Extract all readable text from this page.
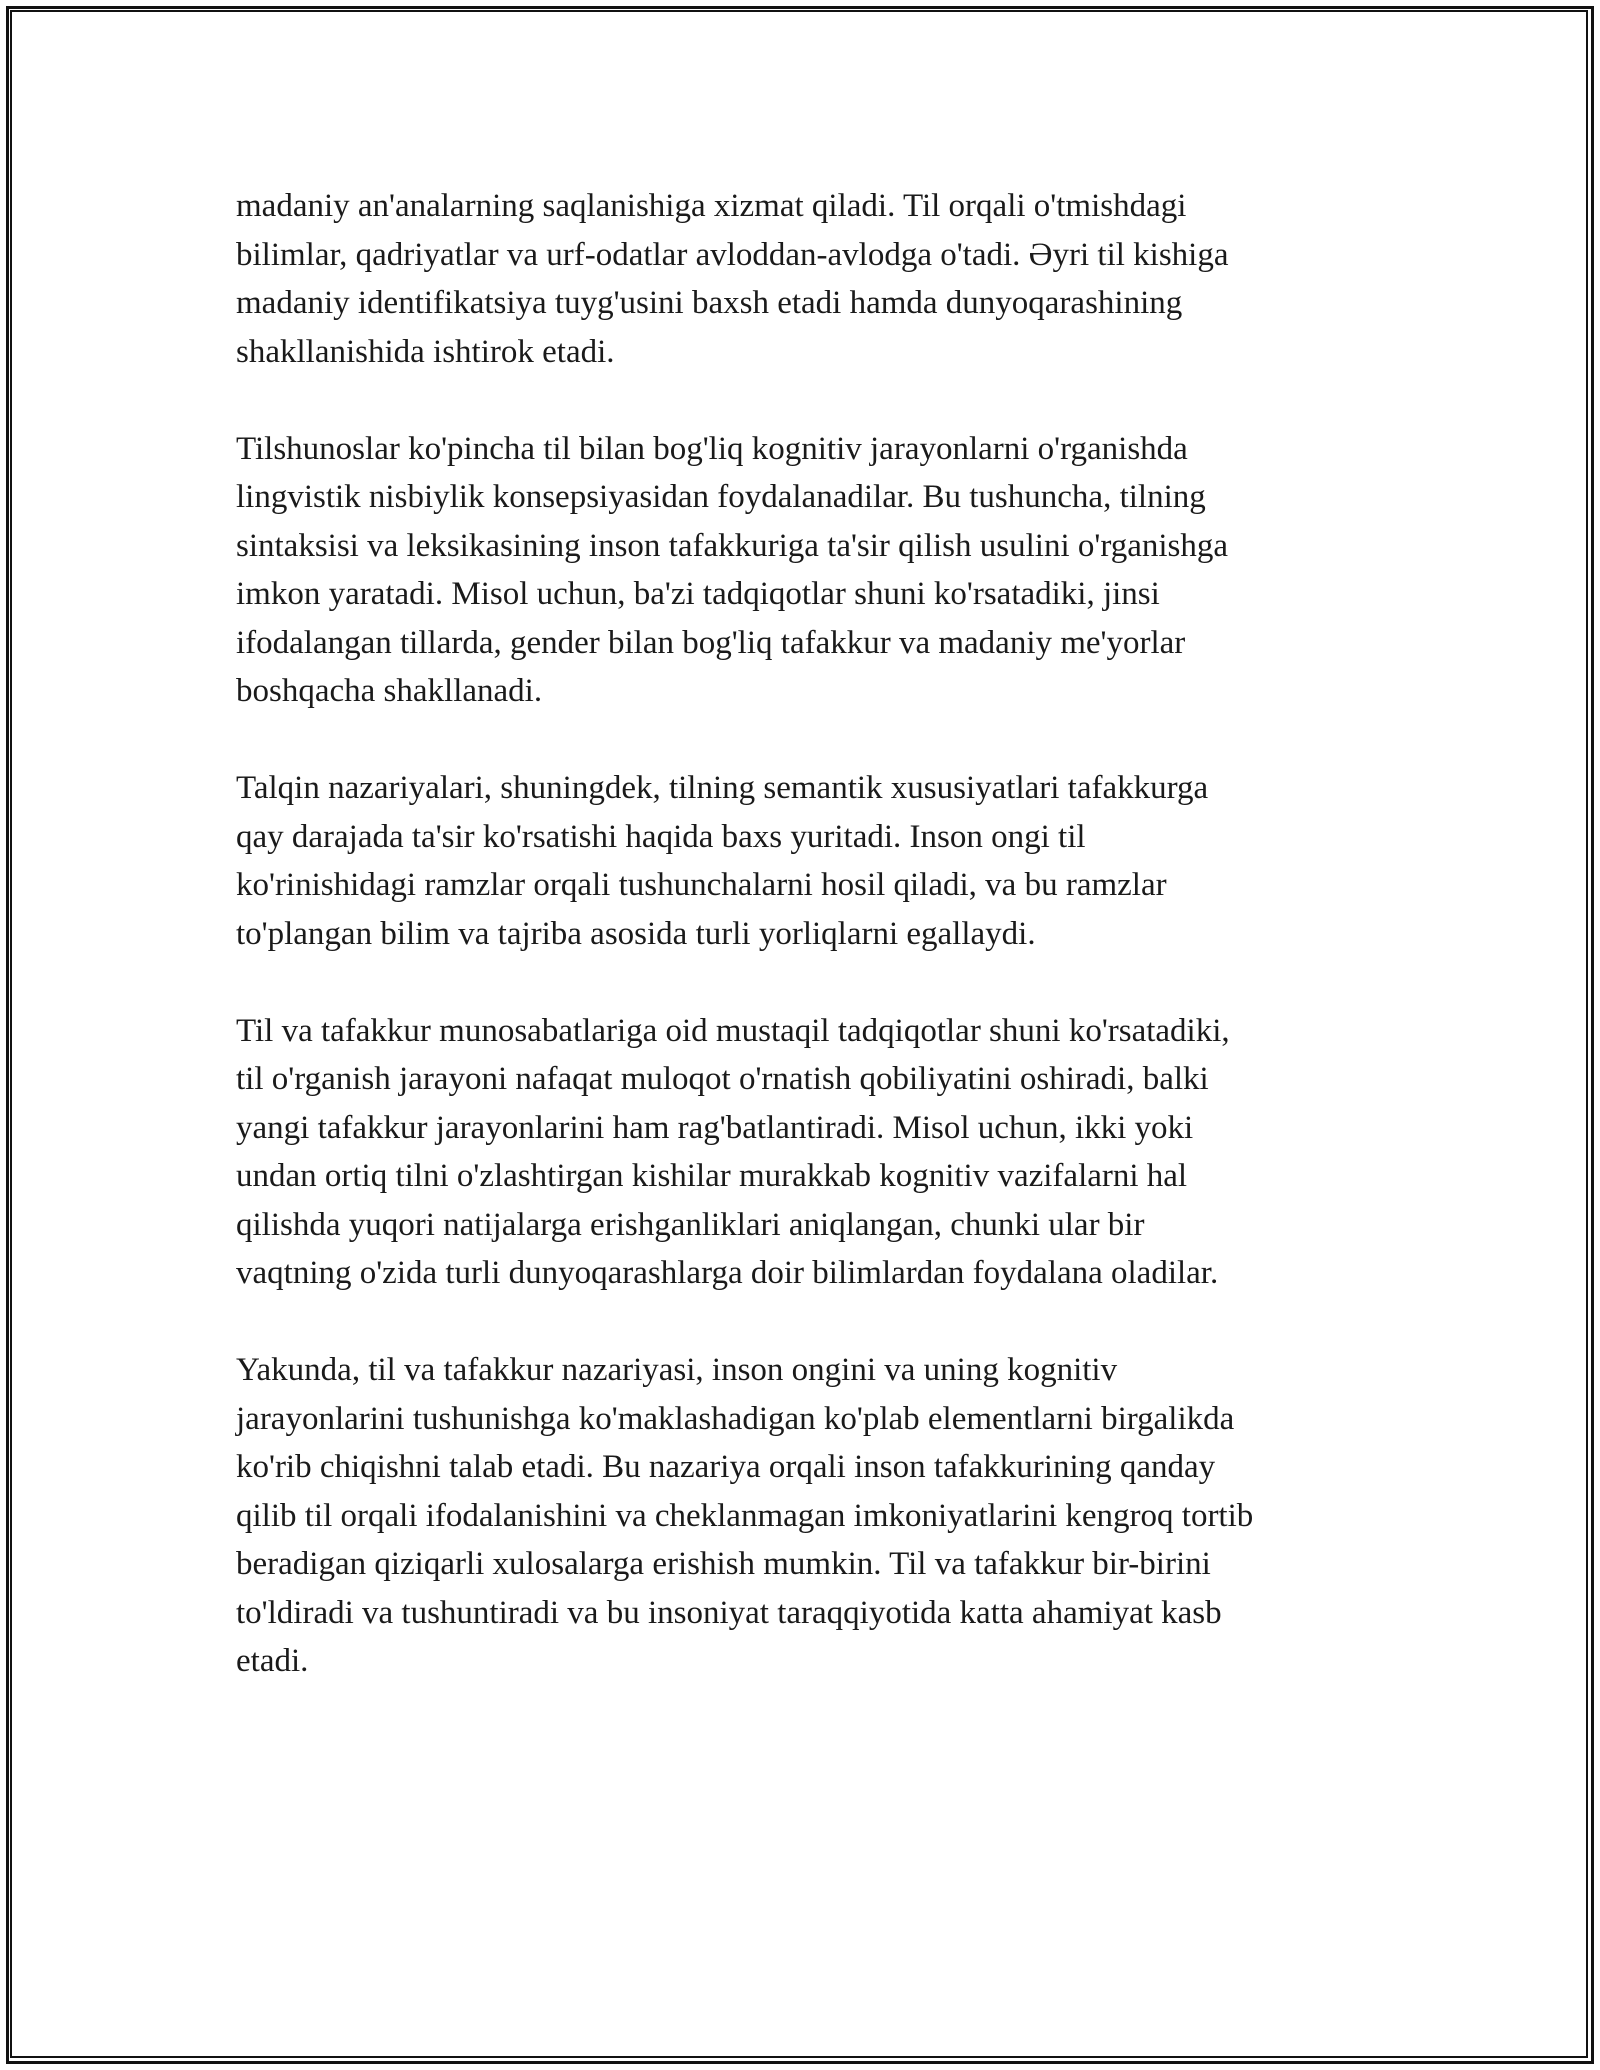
madaniy an'analarning saqlanishiga xizmat qiladi. Til orqali o'tmishdagi
bilimlar, qadriyatlar va urf-odatlar avloddan-avlodga o'tadi. Əyri til kishiga
madaniy identifikatsiya tuyg'usini baxsh etadi hamda dunyoqarashining
shakllanishida ishtirok etadi.

Tilshunoslar ko'pincha til bilan bog'liq kognitiv jarayonlarni o'rganishda
lingvistik nisbiylik konsepsiyasidan foydalanadilar. Bu tushuncha, tilning
sintaksisi va leksikasining inson tafakkuriga ta'sir qilish usulini o'rganishga
imkon yaratadi. Misol uchun, ba'zi tadqiqotlar shuni ko'rsatadiki, jinsi
ifodalangan tillarda, gender bilan bog'liq tafakkur va madaniy me'yorlar
boshqacha shakllanadi.

Talqin nazariyalari, shuningdek, tilning semantik xususiyatlari tafakkurga
qay darajada ta'sir ko'rsatishi haqida baxs yuritadi. Inson ongi til
ko'rinishidagi ramzlar orqali tushunchalarni hosil qiladi, va bu ramzlar
to'plangan bilim va tajriba asosida turli yorliqlarni egallaydi.

Til va tafakkur munosabatlariga oid mustaqil tadqiqotlar shuni ko'rsatadiki,
til o'rganish jarayoni nafaqat muloqot o'rnatish qobiliyatini oshiradi, balki
yangi tafakkur jarayonlarini ham rag'batlantiradi. Misol uchun, ikki yoki
undan ortiq tilni o'zlashtirgan kishilar murakkab kognitiv vazifalarni hal
qilishda yuqori natijalarga erishganliklari aniqlangan, chunki ular bir
vaqtning o'zida turli dunyoqarashlarga doir bilimlardan foydalana oladilar.

Yakunda, til va tafakkur nazariyasi, inson ongini va uning kognitiv
jarayonlarini tushunishga ko'maklashadigan ko'plab elementlarni birgalikda
ko'rib chiqishni talab etadi. Bu nazariya orqali inson tafakkurining qanday
qilib til orqali ifodalanishini va cheklanmagan imkoniyatlarini kengroq tortib
beradigan qiziqarli xulosalarga erishish mumkin. Til va tafakkur bir-birini
to'ldiradi va tushuntiradi va bu insoniyat taraqqiyotida katta ahamiyat kasb
etadi.
